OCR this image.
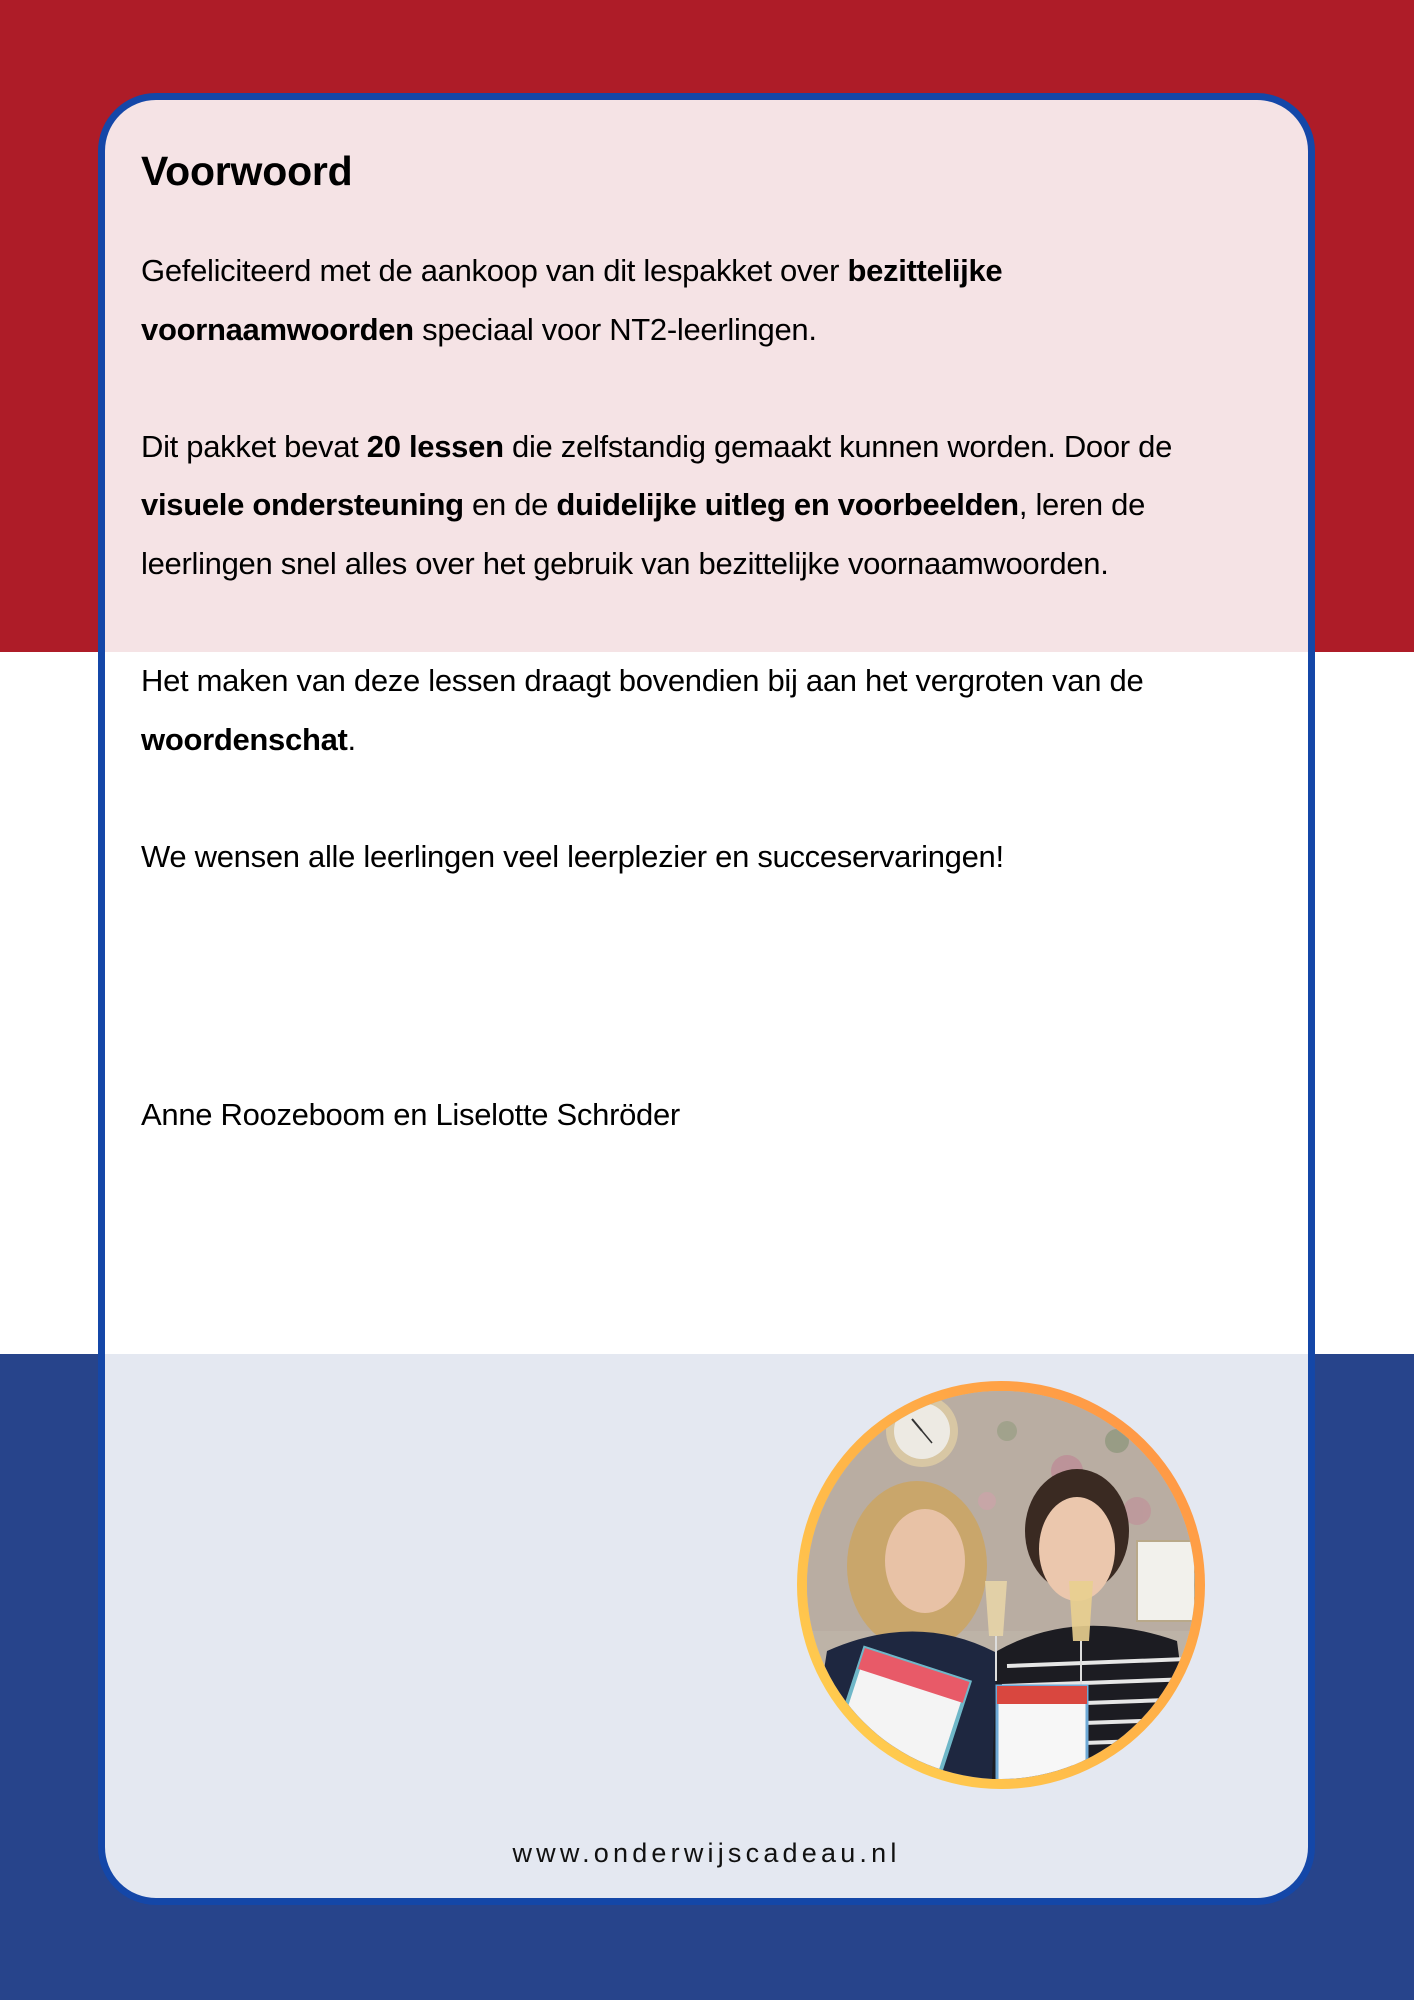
Voorwoord

Gefeliciteerd met de aankoop van dit lespakket over bezittelijke voornaamwoorden speciaal voor NT2-leerlingen.

Dit pakket bevat 20 lessen die zelfstandig gemaakt kunnen worden. Door de visuele ondersteuning en de duidelijke uitleg en voorbeelden, leren de leerlingen snel alles over het gebruik van bezittelijke voornaamwoorden.

Het maken van deze lessen draagt bovendien bij aan het vergroten van de woordenschat.

We wensen alle leerlingen veel leerplezier en succeservaringen!

Anne Roozeboom en Liselotte Schröder
www.onderwijscadeau.nl
